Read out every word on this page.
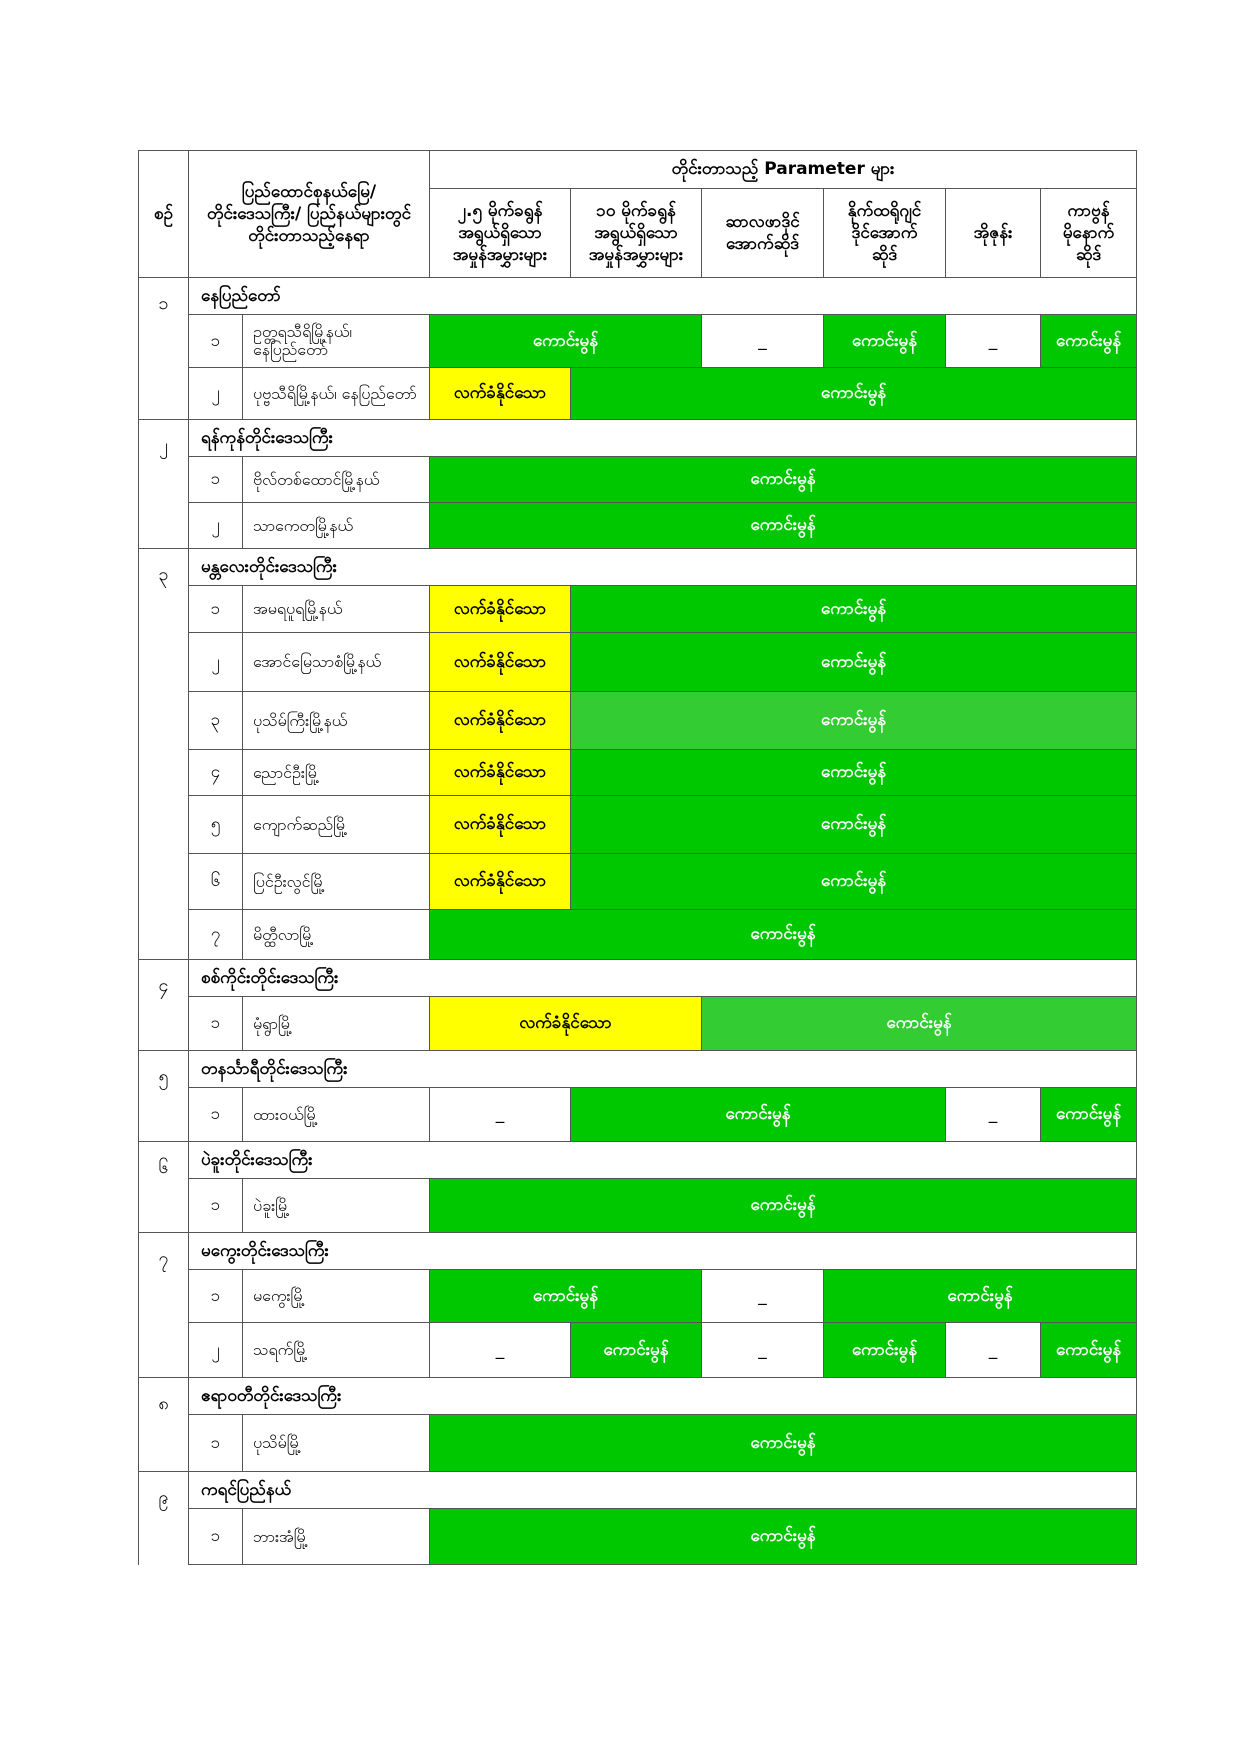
စဉ်	ပြည်ထောင်စုနယ်မြေ/
တိုင်းဒေသကြီး/ ပြည်နယ်များတွင်
တိုင်းတာသည့်နေရာ		တိုင်းတာသည့် Parameter များ					

			၂.၅ မိုက်ခရွန်
အရွယ်ရှိသော
အမှုန်အမွှားများ	၁၀ မိုက်ခရွန်
အရွယ်ရှိသော
အမှုန်အမွှားများ	ဆာလဖာဒိုင်
အောက်ဆိုဒ်	နိုက်ထရိုဂျင်
ဒိုင်အောက်
ဆိုဒ်	အိုဇုန်း	ကာဗွန်
မိုနောက်
ဆိုဒ်

၁	နေပြည်တော်							
	၁	ဥတ္တရသီရိမြို့နယ်၊ နေပြည်တော်	ကောင်းမွန်		_	ကောင်းမွန်	_	ကောင်းမွန်
	၂	ပုဗ္ဗသီရိမြို့နယ်၊ နေပြည်တော်	လက်ခံနိုင်သော	ကောင်းမွန်				
၂	ရန်ကုန်တိုင်းဒေသကြီး							
	၁	ဗိုလ်တစ်ထောင်မြို့နယ်	ကောင်းမွန်					
	၂	သာကေတမြို့နယ်	ကောင်းမွန်					
၃	မန္တလေးတိုင်းဒေသကြီး							
	၁	အမရပူရမြို့နယ်	လက်ခံနိုင်သော	ကောင်းမွန်				
	၂	အောင်မြေသာစံမြို့နယ်	လက်ခံနိုင်သော	ကောင်းမွန်				
	၃	ပုသိမ်ကြီးမြို့နယ်	လက်ခံနိုင်သော	ကောင်းမွန်				
	၄	ညောင်ဦးမြို့	လက်ခံနိုင်သော	ကောင်းမွန်				
	၅	ကျောက်ဆည်မြို့	လက်ခံနိုင်သော	ကောင်းမွန်				
	၆	ပြင်ဦးလွင်မြို့	လက်ခံနိုင်သော	ကောင်းမွန်				
	၇	မိတ္ထီလာမြို့	ကောင်းမွန်					
၄	စစ်ကိုင်းတိုင်းဒေသကြီး							
	၁	မုံရွာမြို့	လက်ခံနိုင်သော		ကောင်းမွန်			
၅	တနင်္သာရီတိုင်းဒေသကြီး							
	၁	ထားဝယ်မြို့	_	ကောင်းမွန်			_	ကောင်းမွန်
၆	ပဲခူးတိုင်းဒေသကြီး							
	၁	ပဲခူးမြို့	ကောင်းမွန်					
၇	မကွေးတိုင်းဒေသကြီး							
	၁	မကွေးမြို့	ကောင်းမွန်		_	ကောင်းမွန်		
	၂	သရက်မြို့	_	ကောင်းမွန်	_	ကောင်းမွန်	_	ကောင်းမွန်
၈	ဧရာဝတီတိုင်းဒေသကြီး							
	၁	ပုသိမ်မြို့	ကောင်းမွန်					
၉	ကရင်ပြည်နယ်							
	၁	ဘားအံမြို့	ကောင်းမွန်					
